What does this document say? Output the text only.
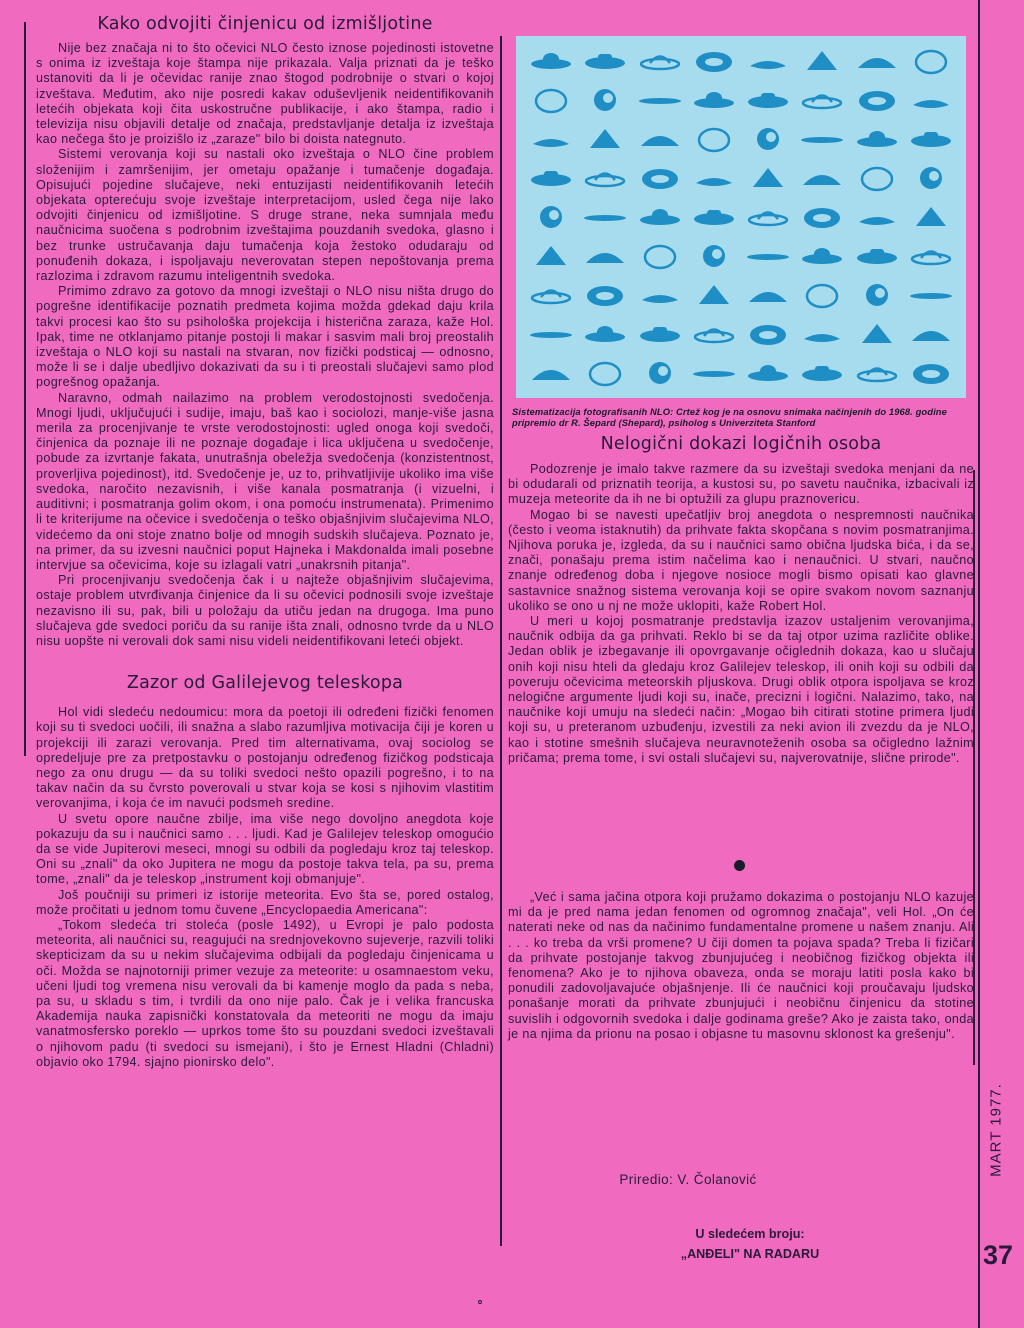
Kako odvojiti činjenicu od izmišljotine

Nije bez značaja ni to što očevici NLO često iznose pojedinosti istovetne s onima iz izveštaja koje štampa nije prikazala. Valja priznati da je teško ustanoviti da li je očevidac ranije znao štogod podrobnije o stvari o kojoj izveštava. Međutim, ako nije posredi kakav oduševljenik neidentifikovanih letećih objekata koji čita uskostručne publikacije, i ako štampa, radio i televizija nisu objavili detalje od značaja, predstavljanje detalja iz izveštaja kao nečega što je proizišlo iz „zaraze" bilo bi doista nategnuto.

Sistemi verovanja koji su nastali oko izveštaja o NLO čine problem složenijim i zamršenijim, jer ometaju opažanje i tumačenje događaja. Opisujući pojedine slučajeve, neki entuzijasti neidentifikovanih letećih objekata opterećuju svoje izveštaje interpretacijom, usled čega nije lako odvojiti činjenicu od izmišljotine. S druge strane, neka sumnjala među naučnicima suočena s podrobnim izveštajima pouzdanih svedoka, glasno i bez trunke ustručavanja daju tumačenja koja žestoko odudaraju od ponuđenih dokaza, i ispoljavaju neverovatan stepen nepoštovanja prema razlozima i zdravom razumu inteligentnih svedoka.

Primimo zdravo za gotovo da mnogi izveštaji o NLO nisu ništa drugo do pogrešne identifikacije poznatih predmeta kojima možda gdekad daju krila takvi procesi kao što su psihološka projekcija i histerična zaraza, kaže Hol. Ipak, time ne otklanjamo pitanje postoji li makar i sasvim mali broj preostalih izveštaja o NLO koji su nastali na stvaran, nov fizički podsticaj — odnosno, može li se i dalje ubedljivo dokazivati da su i ti preostali slučajevi samo plod pogrešnog opažanja.

Naravno, odmah nailazimo na problem verodostojnosti svedočenja. Mnogi ljudi, uključujući i sudije, imaju, baš kao i sociolozi, manje-više jasna merila za procenjivanje te vrste verodostojnosti: ugled onoga koji svedoči, činjenica da poznaje ili ne poznaje događaje i lica uključena u svedočenje, pobude za izvrtanje fakata, unutrašnja obeležja svedočenja (konzistentnost, proverljiva pojedinost), itd. Svedočenje je, uz to, prihvatljivije ukoliko ima više svedoka, naročito nezavisnih, i više kanala posmatranja (i vizuelni, i auditivni; i posmatranja golim okom, i ona pomoću instrumenata). Primenimo li te kriterijume na očevice i svedočenja o teško objašnjivim slučajevima NLO, videćemo da oni stoje znatno bolje od mnogih sudskih slučajeva. Poznato je, na primer, da su izvesni naučnici poput Hajneka i Makdonalda imali posebne intervjue sa očevicima, koje su izlagali vatri „unakrsnih pitanja".

Pri procenjivanju svedočenja čak i u najteže objašnjivim slučajevima, ostaje problem utvrđivanja činjenice da li su očevici podnosili svoje izveštaje nezavisno ili su, pak, bili u položaju da utiču jedan na drugoga. Ima puno slučajeva gde svedoci poriču da su ranije išta znali, odnosno tvrde da u NLO nisu uopšte ni verovali dok sami nisu videli neidentifikovani leteći objekt.

Zazor od Galilejevog teleskopa

Hol vidi sledeću nedoumicu: mora da poetoji ili određeni fizički fenomen koji su ti svedoci uočili, ili snažna a slabo razumljiva motivacija čiji je koren u projekciji ili zarazi verovanja. Pred tim alternativama, ovaj sociolog se opredeljuje pre za pretpostavku o postojanju određenog fizičkog podsticaja nego za onu drugu — da su toliki svedoci nešto opazili pogrešno, i to na takav način da su čvrsto poverovali u stvar koja se kosi s njihovim vlastitim verovanjima, i koja će im navući podsmeh sredine.

U svetu opore naučne zbilje, ima više nego dovoljno anegdota koje pokazuju da su i naučnici samo . . . ljudi. Kad je Galilejev teleskop omogućio da se vide Jupiterovi meseci, mnogi su odbili da pogledaju kroz taj teleskop. Oni su „znali" da oko Jupitera ne mogu da postoje takva tela, pa su, prema tome, „znali" da je teleskop „instrument koji obmanjuje".

Još poučniji su primeri iz istorije meteorita. Evo šta se, pored ostalog, može pročitati u jednom tomu čuvene „Encyclopaedia Americana":

„Tokom sledeća tri stoleća (posle 1492), u Evropi je palo podosta meteorita, ali naučnici su, reagujući na srednjovekovno sujeverje, razvili toliki skepticizam da su u nekim slučajevima odbijali da pogledaju činjenicama u oči. Možda se najnotorniji primer vezuje za meteorite: u osamnaestom veku, učeni ljudi tog vremena nisu verovali da bi kamenje moglo da pada s neba, pa su, u skladu s tim, i tvrdili da ono nije palo. Čak je i velika francuska Akademija nauka zapisnički konstatovala da meteoriti ne mogu da imaju vanatmosfersko poreklo — uprkos tome što su pouzdani svedoci izveštavali o njihovom padu (ti svedoci su ismejani), i što je Ernest Hladni (Chladni) objavio oko 1794. sjajno pionirsko delo".

Sistematizacija fotografisanih NLO: Crtež kog je na osnovu snimaka načinjenih do 1968. godine pripremio dr R. Šepard (Shepard), psiholog s Univerziteta Stanford
Nelogični dokazi logičnih osoba

Podozrenje je imalo takve razmere da su izveštaji svedoka menjani da ne bi odudarali od priznatih teorija, a kustosi su, po savetu naučnika, izbacivali iz muzeja meteorite da ih ne bi optužili za glupu praznovericu.

Mogao bi se navesti upečatljiv broj anegdota o nespremnosti naučnika (često i veoma istaknutih) da prihvate fakta skopčana s novim posmatranjima. Njihova poruka je, izgleda, da su i naučnici samo obična ljudska bića, i da se, znači, ponašaju prema istim načelima kao i nenaučnici. U stvari, naučno znanje određenog doba i njegove nosioce mogli bismo opisati kao glavne sastavnice snažnog sistema verovanja koji se opire svakom novom saznanju ukoliko se ono u nj ne može uklopiti, kaže Robert Hol.

U meri u kojoj posmatranje predstavlja izazov ustaljenim verovanjima, naučnik odbija da ga prihvati. Reklo bi se da taj otpor uzima različite oblike. Jedan oblik je izbegavanje ili opovrgavanje očiglednih dokaza, kao u slučaju onih koji nisu hteli da gledaju kroz Galilejev teleskop, ili onih koji su odbili da poveruju očevicima meteorskih pljuskova. Drugi oblik otpora ispoljava se kroz nelogične argumente ljudi koji su, inače, precizni i logični. Nalazimo, tako, na naučnike koji umuju na sledeći način: „Mogao bih citirati stotine primera ljudi koji su, u preteranom uzbuđenju, izvestili za neki avion ili zvezdu da je NLO, kao i stotine smešnih slučajeva neuravnoteženih osoba sa očigledno lažnim pričama; prema tome, i svi ostali slučajevi su, najverovatnije, slične prirode".

„Već i sama jačina otpora koji pružamo dokazima o postojanju NLO kazuje mi da je pred nama jedan fenomen od ogromnog značaja", veli Hol. „On će naterati neke od nas da načinimo fundamentalne promene u našem znanju. Ali . . . ko treba da vrši promene? U čiji domen ta pojava spada? Treba li fizičari da prihvate postojanje takvog zbunjujućeg i neobičnog fizičkog objekta ili fenomena? Ako je to njihova obaveza, onda se moraju latiti posla kako bi ponudili zadovoljavajuće objašnjenje. Ili će naučnici koji proučavaju ljudsko ponašanje morati da prihvate zbunjujući i neobičnu činjenicu da stotine suvislih i odgovornih svedoka i dalje godinama greše? Ako je zaista tako, onda je na njima da prionu na posao i objasne tu masovnu sklonost ka grešenju".

Priredio: V. Čolanović
U sledećem broju:
„ANĐELI" NA RADARU
MART 1977.
37
